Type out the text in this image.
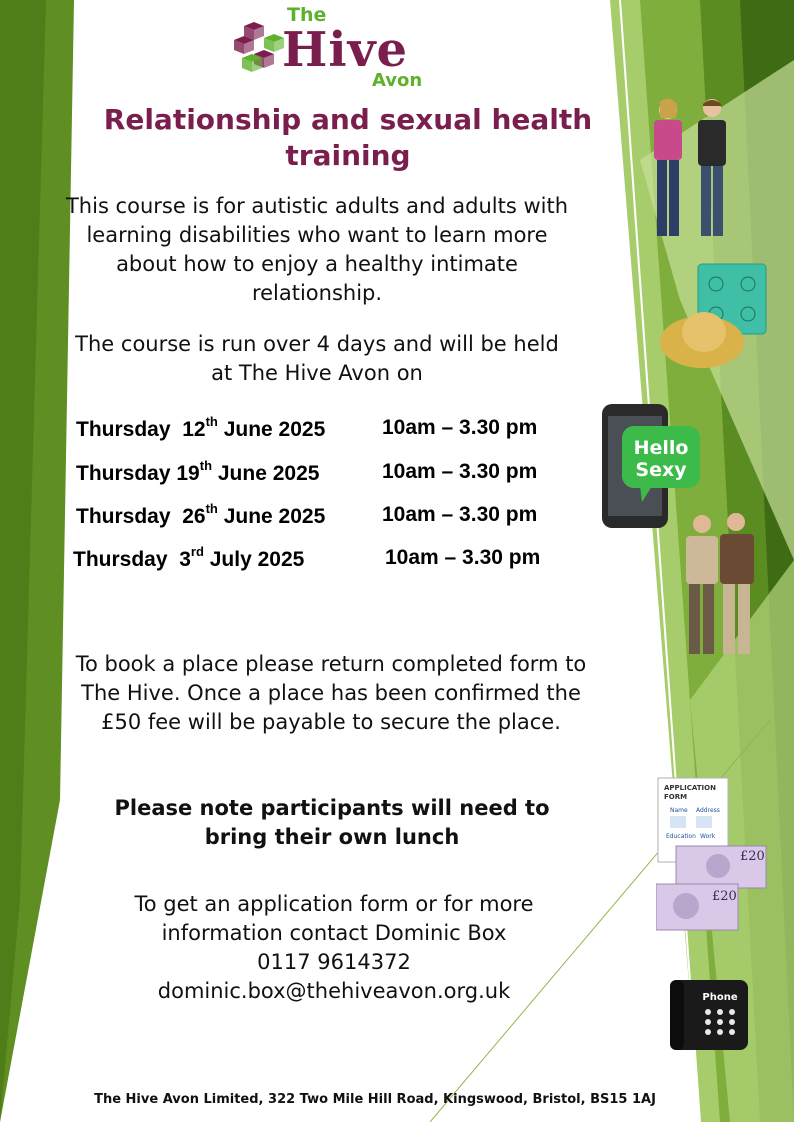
The
Hive
Avon
Relationship and sexual health training
This course is for autistic adults and adults with learning disabilities who want to learn more about how to enjoy a healthy intimate relationship.
The course is run over 4 days and will be held at The Hive Avon on
Thursday 12th June 2025	10am – 3.30 pm
Thursday 19th June 2025	10am – 3.30 pm
Thursday 26th June 2025	10am – 3.30 pm
Thursday 3rd July 2025	10am – 3.30 pm
To book a place please return completed form to The Hive. Once a place has been confirmed the £50 fee will be payable to secure the place.
Please note participants will need to bring their own lunch
To get an application form or for more
information contact Dominic Box
0117 9614372
dominic.box@thehiveavon.org.uk
The Hive Avon Limited, 322 Two Mile Hill Road, Kingswood, Bristol, BS15 1AJ
Hello
Sexy
APPLICATION
FORM
Name Address
Education Work
£20
£20
Phone
